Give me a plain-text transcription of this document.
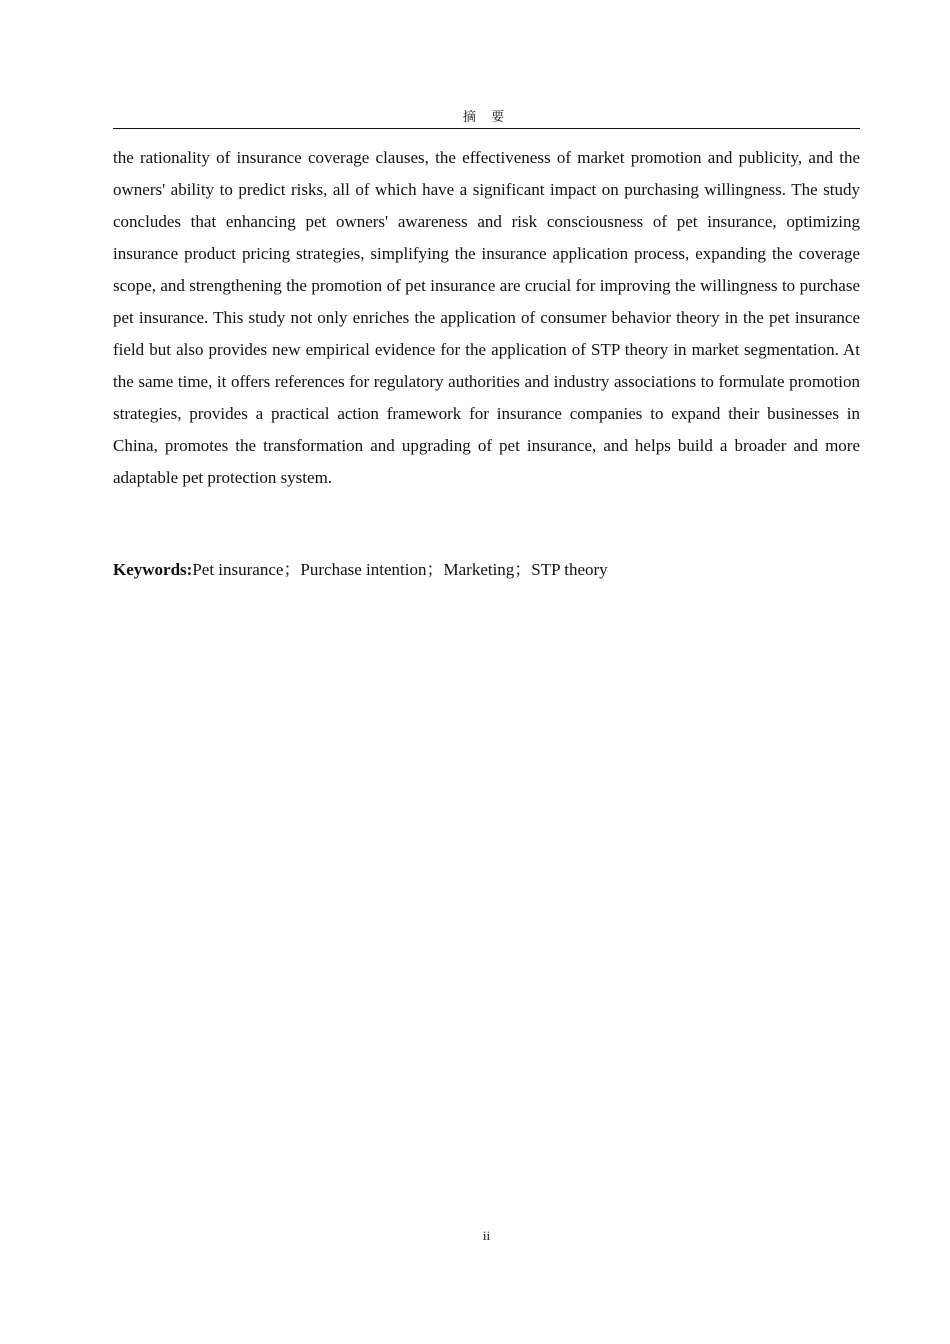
摘 要

the rationality of insurance coverage clauses, the effectiveness of market promotion and publicity, and the owners' ability to predict risks, all of which have a significant impact on purchasing willingness. The study concludes that enhancing pet owners' awareness and risk consciousness of pet insurance, optimizing insurance product pricing strategies, simplifying the insurance application process, expanding the coverage scope, and strengthening the promotion of pet insurance are crucial for improving the willingness to purchase pet insurance. This study not only enriches the application of consumer behavior theory in the pet insurance field but also provides new empirical evidence for the application of STP theory in market segmentation. At the same time, it offers references for regulatory authorities and industry associations to formulate promotion strategies, provides a practical action framework for insurance companies to expand their businesses in China, promotes the transformation and upgrading of pet insurance, and helps build a broader and more adaptable pet protection system.

Keywords:Pet insurance；Purchase intention；Marketing；STP theory

ii
